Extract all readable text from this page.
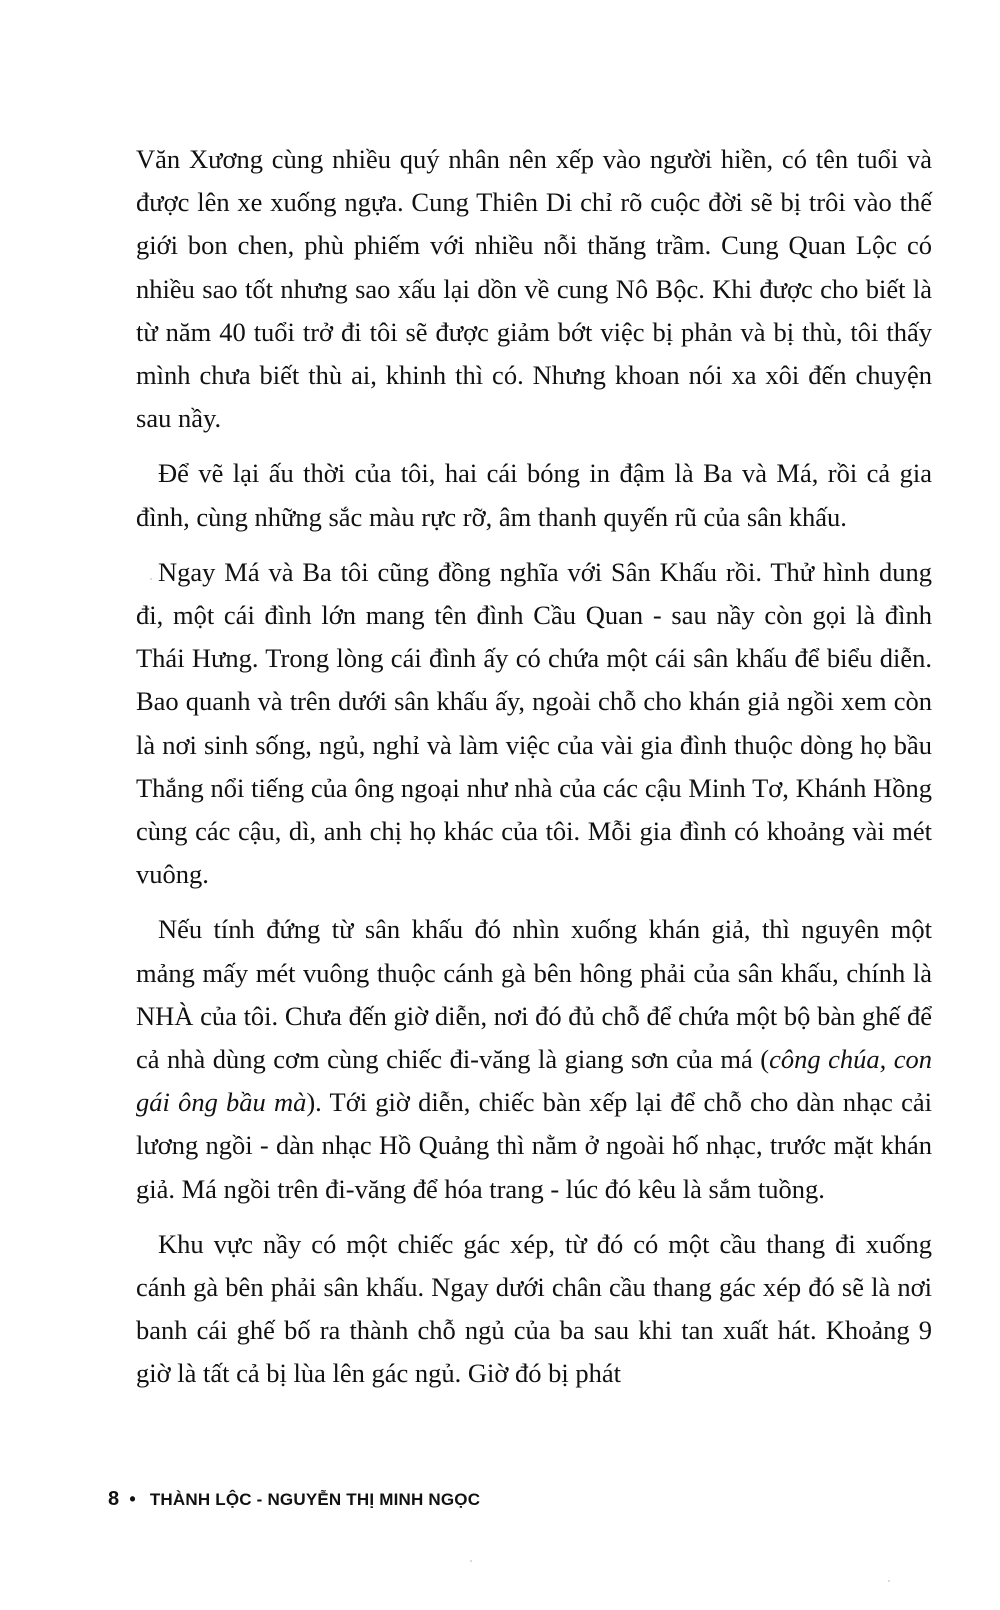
Văn Xương cùng nhiều quý nhân nên xếp vào người hiền, có tên tuổi và được lên xe xuống ngựa. Cung Thiên Di chỉ rõ cuộc đời sẽ bị trôi vào thế giới bon chen, phù phiếm với nhiều nỗi thăng trầm. Cung Quan Lộc có nhiều sao tốt nhưng sao xấu lại dồn về cung Nô Bộc. Khi được cho biết là từ năm 40 tuổi trở đi tôi sẽ được giảm bớt việc bị phản và bị thù, tôi thấy mình chưa biết thù ai, khinh thì có. Nhưng khoan nói xa xôi đến chuyện sau nầy.

Để vẽ lại ấu thời của tôi, hai cái bóng in đậm là Ba và Má, rồi cả gia đình, cùng những sắc màu rực rỡ, âm thanh quyến rũ của sân khấu.

Ngay Má và Ba tôi cũng đồng nghĩa với Sân Khấu rồi. Thử hình dung đi, một cái đình lớn mang tên đình Cầu Quan - sau nầy còn gọi là đình Thái Hưng. Trong lòng cái đình ấy có chứa một cái sân khấu để biểu diễn. Bao quanh và trên dưới sân khấu ấy, ngoài chỗ cho khán giả ngồi xem còn là nơi sinh sống, ngủ, nghỉ và làm việc của vài gia đình thuộc dòng họ bầu Thắng nổi tiếng của ông ngoại như nhà của các cậu Minh Tơ, Khánh Hồng cùng các cậu, dì, anh chị họ khác của tôi. Mỗi gia đình có khoảng vài mét vuông.

Nếu tính đứng từ sân khấu đó nhìn xuống khán giả, thì nguyên một mảng mấy mét vuông thuộc cánh gà bên hông phải của sân khấu, chính là NHÀ của tôi. Chưa đến giờ diễn, nơi đó đủ chỗ để chứa một bộ bàn ghế để cả nhà dùng cơm cùng chiếc đi-văng là giang sơn của má (công chúa, con gái ông bầu mà). Tới giờ diễn, chiếc bàn xếp lại để chỗ cho dàn nhạc cải lương ngồi - dàn nhạc Hồ Quảng thì nằm ở ngoài hố nhạc, trước mặt khán giả. Má ngồi trên đi-văng để hóa trang - lúc đó kêu là sắm tuồng.

Khu vực nầy có một chiếc gác xép, từ đó có một cầu thang đi xuống cánh gà bên phải sân khấu. Ngay dưới chân cầu thang gác xép đó sẽ là nơi banh cái ghế bố ra thành chỗ ngủ của ba sau khi tan xuất hát. Khoảng 9 giờ là tất cả bị lùa lên gác ngủ. Giờ đó bị phát

8 • THÀNH LỘC - NGUYỄN THỊ MINH NGỌC
